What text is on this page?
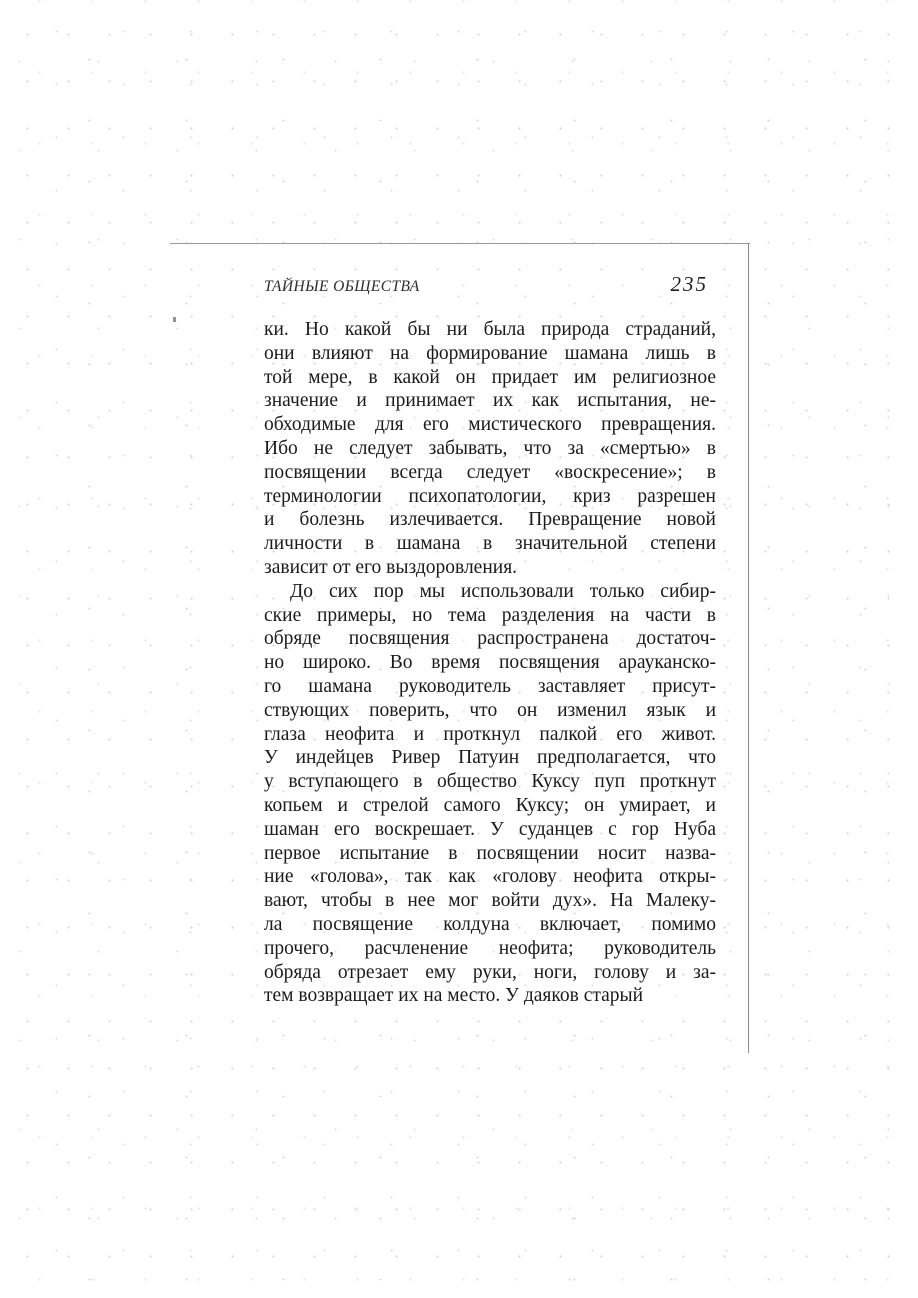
ТАЙНЫЕ ОБЩЕСТВА	235
ки. Но какой бы ни была природа страданий,
они влияют на формирование шамана лишь в
той мере, в какой он придает им религиозное
значение и принимает их как испытания, не-
обходимые для его мистического превращения.
Ибо не следует забывать, что за «смертью» в
посвящении всегда следует «воскресение»; в
терминологии психопатологии, криз разрешен
и болезнь излечивается. Превращение новой
личности в шамана в значительной степени
зависит от его выздоровления.
До сих пор мы использовали только сибир-
ские примеры, но тема разделения на части в
обряде посвящения распространена достаточ-
но широко. Во время посвящения арауканско-
го шамана руководитель заставляет присут-
ствующих поверить, что он изменил язык и
глаза неофита и проткнул палкой его живот.
У индейцев Ривер Патуин предполагается, что
у вступающего в общество Куксу пуп проткнут
копьем и стрелой самого Куксу; он умирает, и
шаман его воскрешает. У суданцев с гор Нуба
первое испытание в посвящении носит назва-
ние «голова», так как «голову неофита откры-
вают, чтобы в нее мог войти дух». На Малеку-
ла посвящение колдуна включает, помимо
прочего, расчленение неофита; руководитель
обряда отрезает ему руки, ноги, голову и за-
тем возвращает их на место. У даяков старый
